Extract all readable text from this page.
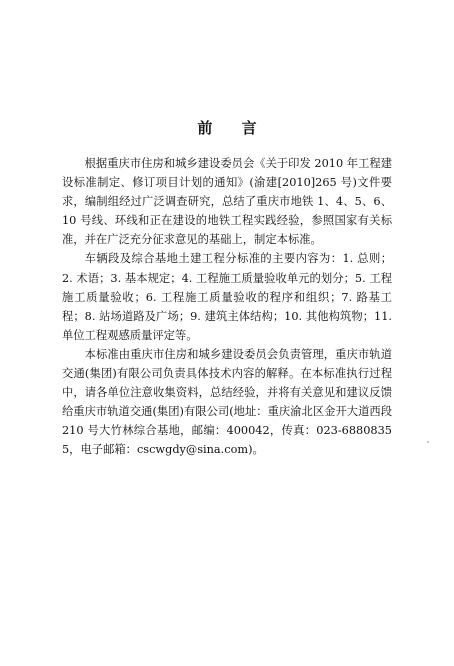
前 言

根据重庆市住房和城乡建设委员会《关于印发 2010 年工程建设标准制定、修订项目计划的通知》(渝建[2010]265 号)文件要求，编制组经过广泛调查研究，总结了重庆市地铁 1、4、5、6、10 号线、环线和正在建设的地铁工程实践经验，参照国家有关标准，并在广泛充分征求意见的基础上，制定本标准。

车辆段及综合基地土建工程分标准的主要内容为：1. 总则；2. 术语；3. 基本规定；4. 工程施工质量验收单元的划分；5. 工程施工质量验收；6. 工程施工质量验收的程序和组织；7. 路基工程；8. 站场道路及广场；9. 建筑主体结构；10. 其他构筑物；11. 单位工程观感质量评定等。

本标准由重庆市住房和城乡建设委员会负责管理，重庆市轨道交通(集团)有限公司负责具体技术内容的解释。在本标准执行过程中，请各单位注意收集资料，总结经验，并将有关意见和建议反馈给重庆市轨道交通(集团)有限公司(地址：重庆渝北区金开大道西段 210 号大竹林综合基地，邮编：400042，传真：023-68808355，电子邮箱：cscwgdy@sina.com)。
